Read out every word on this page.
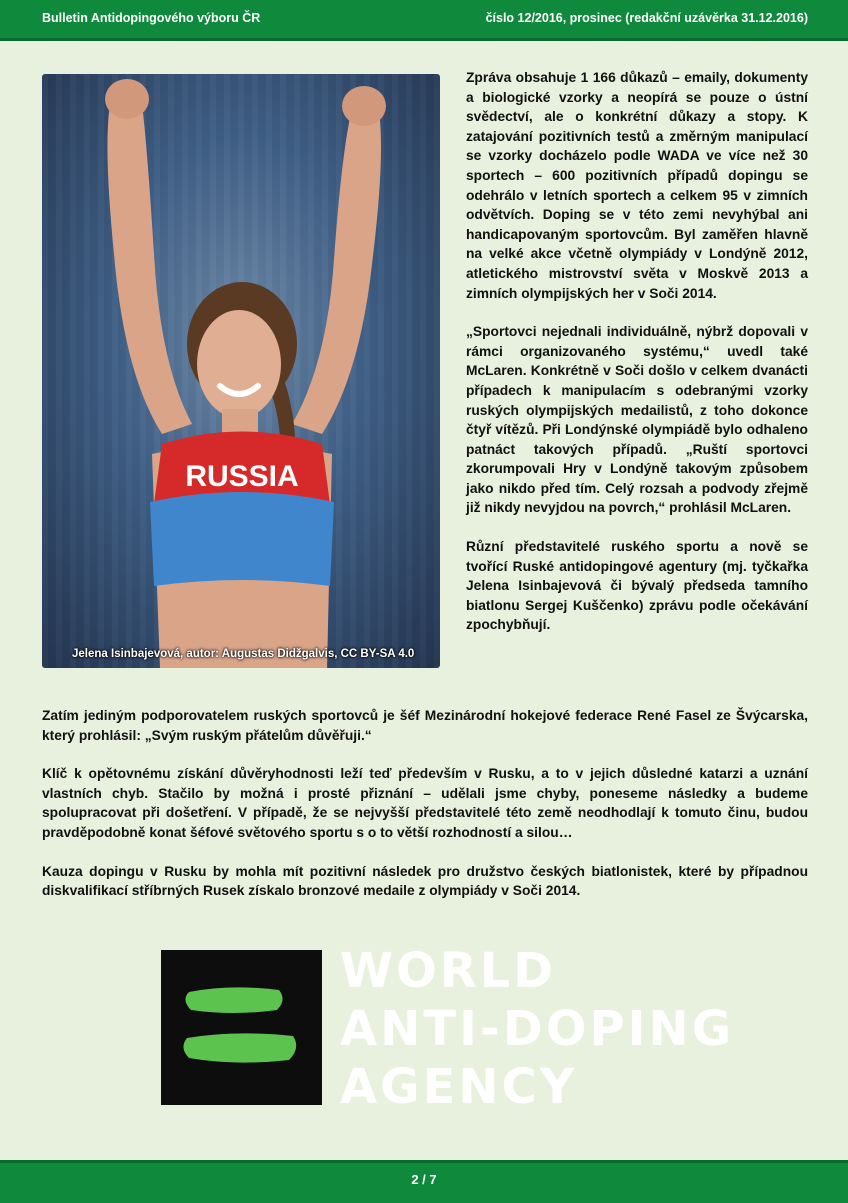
Bulletin Antidopingového výboru ČR	číslo 12/2016, prosinec (redakční uzávěrka 31.12.2016)
RUSSIA
Jelena Isinbajevová, autor: Augustas Didžgalvis, CC BY-SA 4.0

Zpráva obsahuje 1 166 důkazů – emaily, dokumenty a biologické vzorky a neopírá se pouze o ústní svědectví, ale o konkrétní důkazy a stopy. K zatajování pozitivních testů a změrným manipulací se vzorky docházelo podle WADA ve více než 30 sportech – 600 pozitivních případů dopingu se odehrálo v letních sportech a celkem 95 v zimních odvětvích. Doping se v této zemi nevyhýbal ani handicapovaným sportovcům. Byl zaměřen hlavně na velké akce včetně olympiády v Londýně 2012, atletického mistrovství světa v Moskvě 2013 a zimních olympijských her v Soči 2014.

„Sportovci nejednali individuálně, nýbrž dopovali v rámci organizovaného systému,“ uvedl také McLaren. Konkrétně v Soči došlo v celkem dvanácti případech k manipulacím s odebranými vzorky ruských olympijských medailistů, z toho dokonce čtyř vítězů. Při Londýnské olympiádě bylo odhaleno patnáct takových případů. „Ruští sportovci zkorumpovali Hry v Londýně takovým způsobem jako nikdo před tím. Celý rozsah a podvody zřejmě již nikdy nevyjdou na povrch,“ prohlásil McLaren.

Různí představitelé ruského sportu a nově se tvořící Ruské antidopingové agentury (mj. tyčkařka Jelena Isinbajevová či bývalý předseda tamního biatlonu Sergej Kuščenko) zprávu podle očekávání zpochybňují.

Zatím jediným podporovatelem ruských sportovců je šéf Mezinárodní hokejové federace René Fasel ze Švýcarska, který prohlásil: „Svým ruským přátelům důvěřuji.“

Klíč k opětovnému získání důvěryhodnosti leží teď především v Rusku, a to v jejich důsledné katarzi a uznání vlastních chyb. Stačilo by možná i prosté přiznání – udělali jsme chyby, poneseme následky a budeme spolupracovat při došetření. V případě, že se nejvyšší představitelé této země neodhodlají k tomuto činu, budou pravděpodobně konat šéfové světového sportu s o to větší rozhodností a silou…

Kauza dopingu v Rusku by mohla mít pozitivní následek pro družstvo českých biatlonistek, které by případnou diskvalifikací stříbrných Rusek získalo bronzové medaile z olympiády v Soči 2014.

WORLD
ANTI-DOPING
AGENCY
2 / 7
